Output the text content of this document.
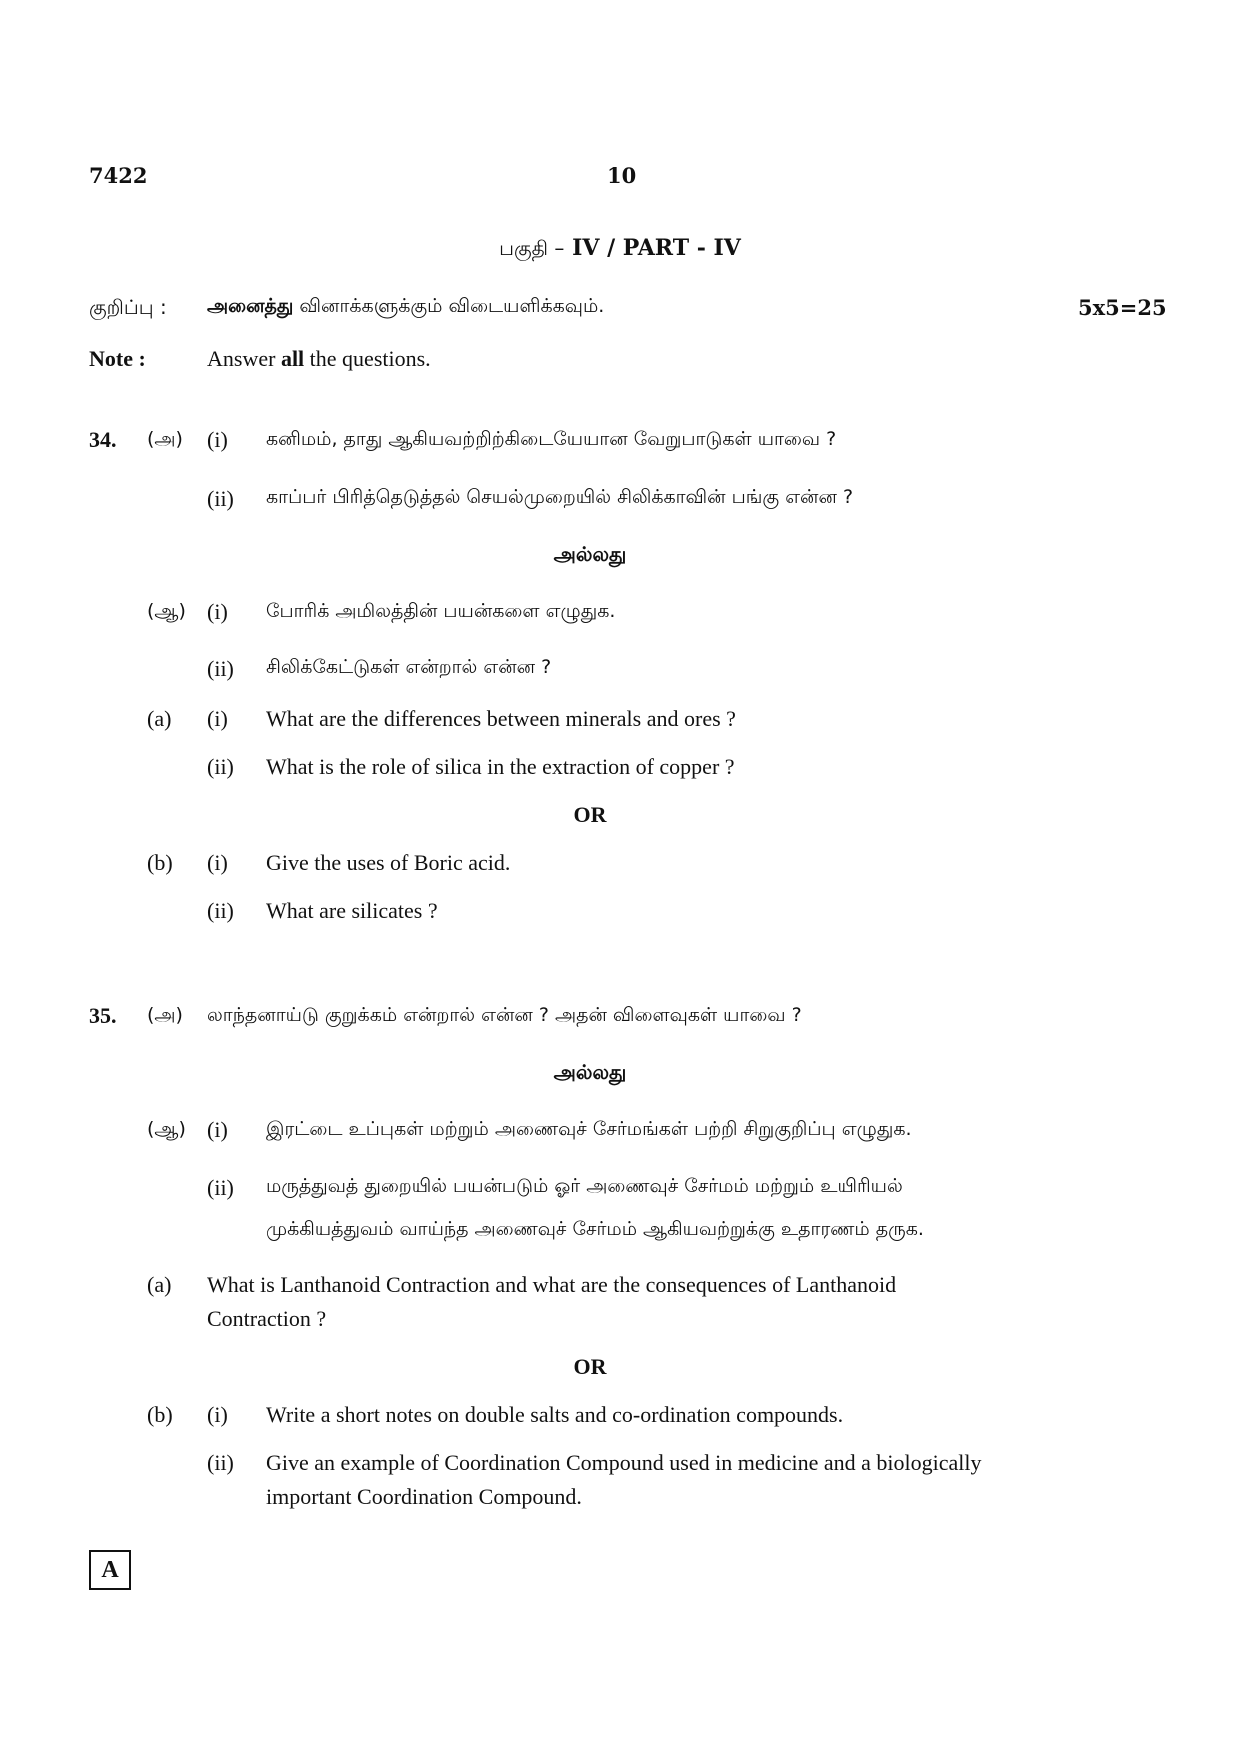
7422	10
பகுதி – IV / PART - IV
குறிப்பு : அனைத்து வினாக்களுக்கும் விடையளிக்கவும்.	5x5=25
Note :	Answer all the questions.
34. (அ) (i) கனிமம், தாது ஆகியவற்றிற்கிடையேயான வேறுபாடுகள் யாவை ?
(ii) காப்பர் பிரித்தெடுத்தல் செயல்முறையில் சிலிக்காவின் பங்கு என்ன ?
அல்லது
(ஆ) (i) போரிக் அமிலத்தின் பயன்களை எழுதுக.
(ii) சிலிக்கேட்டுகள் என்றால் என்ன ?
(a) (i) What are the differences between minerals and ores ?
(ii) What is the role of silica in the extraction of copper ?
OR
(b) (i) Give the uses of Boric acid.
(ii) What are silicates ?
35. (அ) லாந்தனாய்டு குறுக்கம் என்றால் என்ன ? அதன் விளைவுகள் யாவை ?
அல்லது
(ஆ) (i) இரட்டை உப்புகள் மற்றும் அணைவுச் சேர்மங்கள் பற்றி சிறுகுறிப்பு எழுதுக.
(ii) மருத்துவத் துறையில் பயன்படும் ஓர் அணைவுச் சேர்மம் மற்றும் உயிரியல்
முக்கியத்துவம் வாய்ந்த அணைவுச் சேர்மம் ஆகியவற்றுக்கு உதாரணம் தருக.
(a) What is Lanthanoid Contraction and what are the consequences of Lanthanoid
Contraction ?
OR
(b) (i) Write a short notes on double salts and co-ordination compounds.
(ii) Give an example of Coordination Compound used in medicine and a biologically
important Coordination Compound.
A
